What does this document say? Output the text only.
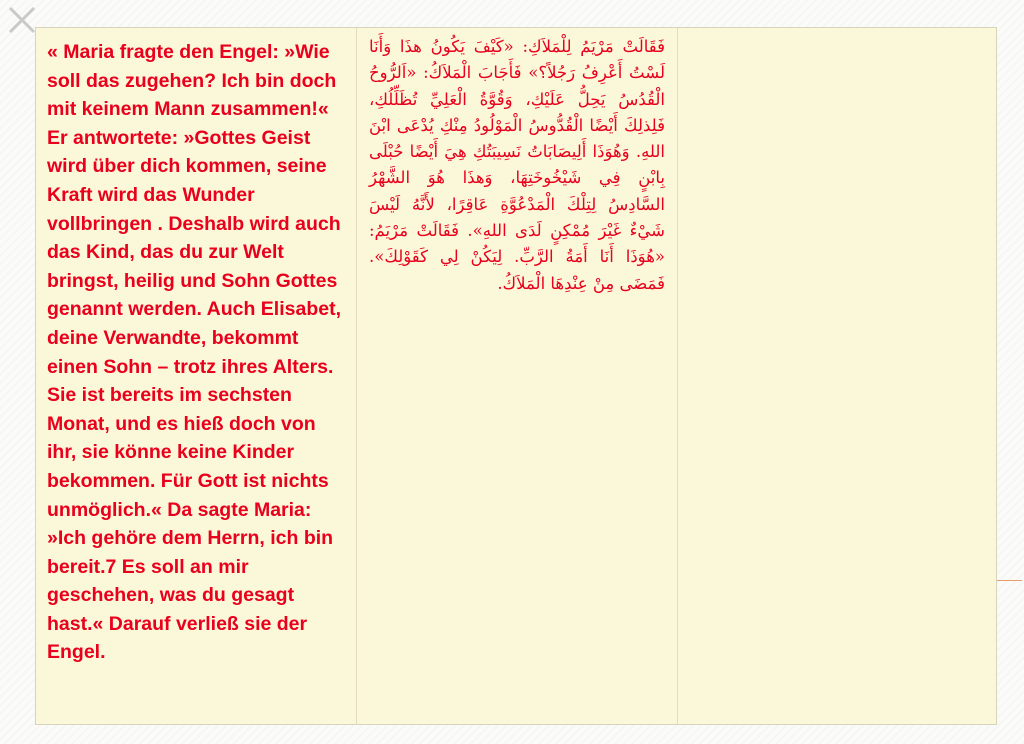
« Maria fragte den Engel: »Wie soll das zugehen? Ich bin doch mit keinem Mann zusammen!« Er antwortete: »Gottes Geist wird über dich kommen, seine Kraft wird das Wunder vollbringen . Deshalb wird auch das Kind, das du zur Welt bringst, heilig und Sohn Gottes genannt werden. Auch Elisabet, deine Verwandte, bekommt einen Sohn – trotz ihres Alters. Sie ist bereits im sechsten Monat, und es hieß doch von ihr, sie könne keine Kinder bekommen. Für Gott ist nichts unmöglich.« Da sagte Maria: »Ich gehöre dem Herrn, ich bin bereit.7 Es soll an mir geschehen, was du gesagt hast.« Darauf verließ sie der Engel.

فَقَالَتْ مَرْيَمُ لِلْمَلاَكِ: «كَيْفَ يَكُونُ هذَا وَأَنَا لَسْتُ أَعْرِفُ رَجُلاً؟» فَأَجَابَ الْمَلاَكُ: «اَلرُّوحُ الْقُدُسُ يَحِلُّ عَلَيْكِ، وَقُوَّةُ الْعَلِيِّ تُظَلِّلُكِ، فَلِذلِكَ أَيْضًا الْقُدُّوسُ الْمَوْلُودُ مِنْكِ يُدْعَى ابْنَ اللهِ. وَهُوَذَا أَلِيصَابَاتُ نَسِيبَتُكِ هِيَ أَيْضًا حُبْلَى بِابْنٍ فِي شَيْخُوخَتِهَا، وَهذَا هُوَ الشَّهْرُ السَّادِسُ لِتِلْكَ الْمَدْعُوَّةِ عَاقِرًا، لأَنَّهُ لَيْسَ شَيْءٌ غَيْرَ مُمْكِنٍ لَدَى اللهِ». فَقَالَتْ مَرْيَمُ: «هُوَذَا أَنَا أَمَةُ الرَّبِّ. لِيَكُنْ لِي كَقَوْلِكَ». فَمَضَى مِنْ عِنْدِهَا الْمَلاَكُ.
